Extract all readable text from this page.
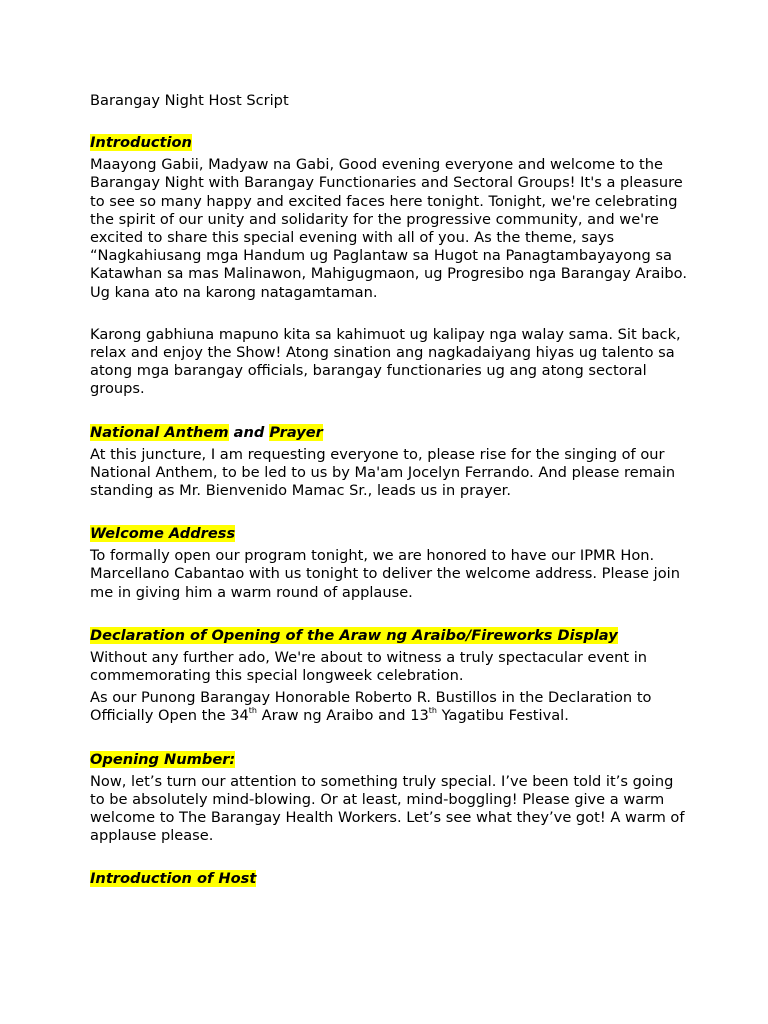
Barangay Night Host Script

Introduction

Maayong Gabii, Madyaw na Gabi, Good evening everyone and welcome to the Barangay Night with Barangay Functionaries and Sectoral Groups! It's a pleasure to see so many happy and excited faces here tonight. Tonight, we're celebrating the spirit of our unity and solidarity for the progressive community, and we're excited to share this special evening with all of you. As the theme, says “Nagkahiusang mga Handum ug Paglantaw sa Hugot na Panagtambayayong sa Katawhan sa mas Malinawon, Mahigugmaon, ug Progresibo nga Barangay Araibo. Ug kana ato na karong natagamtaman.

Karong gabhiuna mapuno kita sa kahimuot ug kalipay nga walay sama. Sit back, relax and enjoy the Show! Atong sination ang nagkadaiyang hiyas ug talento sa atong mga barangay officials, barangay functionaries ug ang atong sectoral groups.

National Anthem and Prayer

At this juncture, I am requesting everyone to, please rise for the singing of our National Anthem, to be led to us by Ma'am Jocelyn Ferrando. And please remain standing as Mr. Bienvenido Mamac Sr., leads us in prayer.

Welcome Address

To formally open our program tonight, we are honored to have our IPMR Hon. Marcellano Cabantao with us tonight to deliver the welcome address. Please join me in giving him a warm round of applause.

Declaration of Opening of the Araw ng Araibo/Fireworks Display

Without any further ado, We're about to witness a truly spectacular event in commemorating this special longweek celebration.

As our Punong Barangay Honorable Roberto R. Bustillos in the Declaration to Officially Open the 34th Araw ng Araibo and 13th Yagatibu Festival.

Opening Number:

Now, let’s turn our attention to something truly special. I’ve been told it’s going to be absolutely mind-blowing. Or at least, mind-boggling! Please give a warm welcome to The Barangay Health Workers. Let’s see what they’ve got! A warm of applause please.

Introduction of Host
